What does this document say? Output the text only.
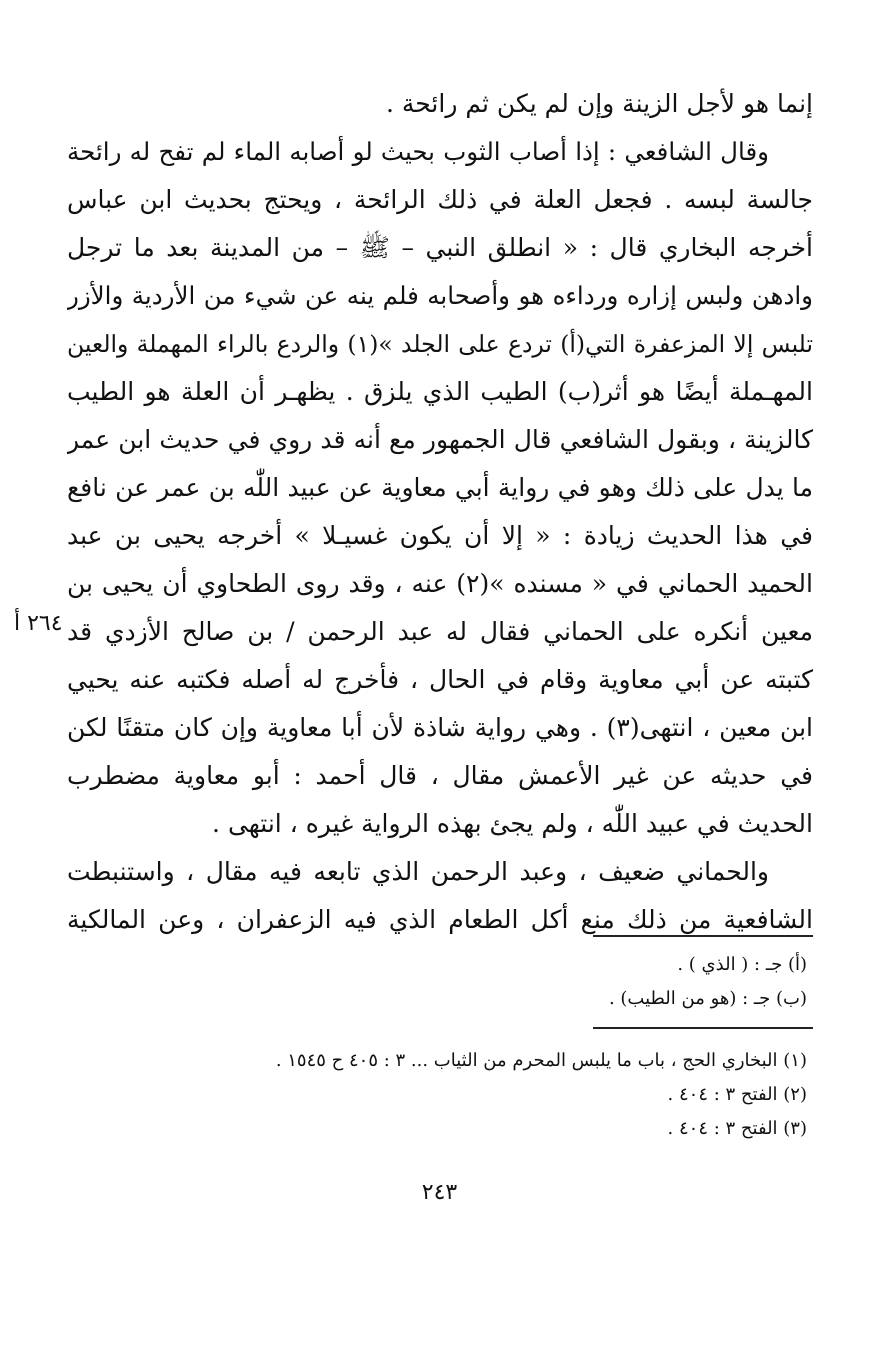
إنما هو لأجل الزينة وإن لم يكن ثم رائحة .
وقال الشافعي : إذا أصاب الثوب بحيث لو أصابه الماء لم تفح له رائحة
جالسة لبسه . فجعل العلة في ذلك الرائحة ، ويحتج بحديث ابن عباس
أخرجه البخاري قال : « انطلق النبي – ﷺ – من المدينة بعد ما ترجل
وادهن ولبس إزاره ورداءه هو وأصحابه فلم ينه عن شيء من الأردية والأزر
تلبس إلا المزعفرة التي(أ) تردع على الجلد »(١) والردع بالراء المهملة والعين
المهـملة أيضًا هو أثر(ب) الطيب الذي يلزق . يظهـر أن العلة هو الطيب
كالزينة ، وبقول الشافعي قال الجمهور مع أنه قد روي في حديث ابن عمر
ما يدل على ذلك وهو في رواية أبي معاوية عن عبيد اللّٰه بن عمر عن نافع
في هذا الحديث زيادة : « إلا أن يكون غسيـلا » أخرجه يحيى بن عبد
الحميد الحماني في « مسنده »(٢) عنه ، وقد روى الطحاوي أن يحيى بن
معين أنكره على الحماني فقال له عبد الرحمن / بن صالح الأزدي قد
كتبته عن أبي معاوية وقام في الحال ، فأخرج له أصله فكتبه عنه يحيي
ابن معين ، انتهى(٣) . وهي رواية شاذة لأن أبا معاوية وإن كان متقنًا لكن
في حديثه عن غير الأعمش مقال ، قال أحمد : أبو معاوية مضطرب
الحديث في عبيد اللّٰه ، ولم يجئ بهذه الرواية غيره ، انتهى .
والحماني ضعيف ، وعبد الرحمن الذي تابعه فيه مقال ، واستنبطت
الشافعية من ذلك منع أكل الطعام الذي فيه الزعفران ، وعن المالكية
٢٦٤ أ
(أ) جـ : ( الذي ) .
(ب) جـ : (هو من الطيب) .
(١) البخاري الحج ، باب ما يلبس المحرم من الثياب ... ٣ : ٤٠٥ ح ١٥٤٥ .
(٢) الفتح ٣ : ٤٠٤ .
(٣) الفتح ٣ : ٤٠٤ .
٢٤٣
